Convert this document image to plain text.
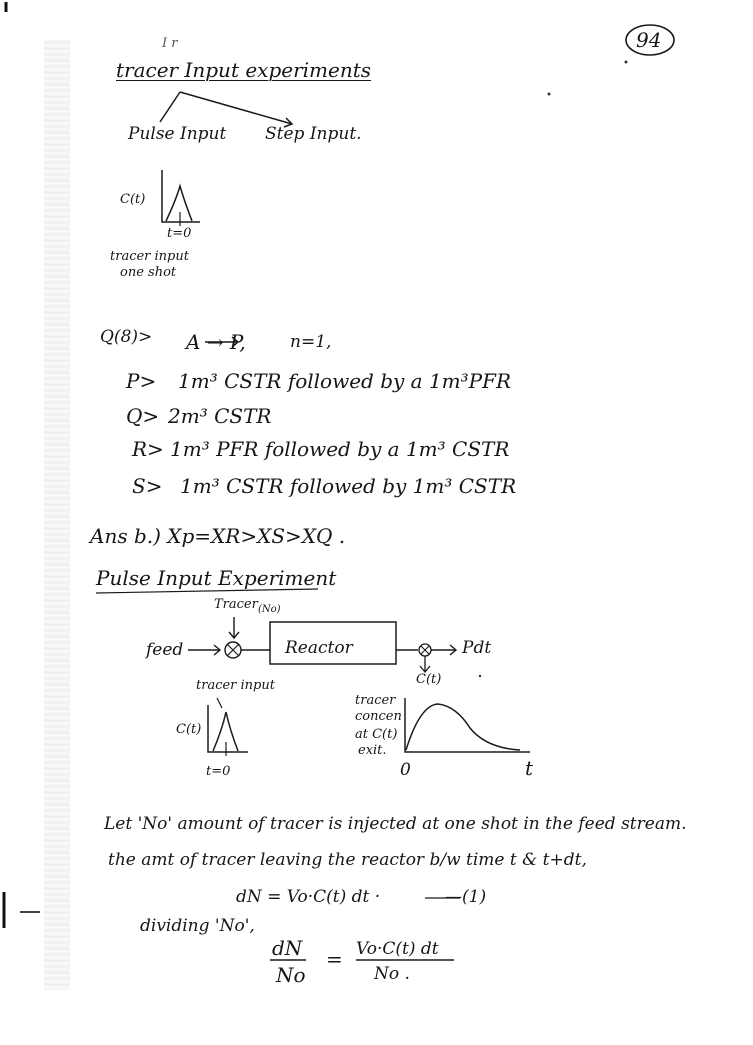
94
I r
tracer Input experiments
Pulse Input Step Input.
C(t)
t=0
tracer input
one shot
Q(8)> A → P,	n=1,
P> 1m³ CSTR followed by a 1m³PFR
Q> 2m³ CSTR
R> 1m³ PFR followed by a 1m³ CSTR
S> 1m³ CSTR followed by 1m³ CSTR
Ans b.) Xp=XR>XS>XQ .
Pulse Input Experiment
Tracer (No)
feed	Reactor	Pdt
C(t)
tracer input
C(t)
t=0
tracer
concen
at C(t)
exit.
0	t
Let 'No' amount of tracer is injected at one shot in the feed stream.
the amt of tracer leaving the reactor b/w time t & t+dt,
dN = Vo·C(t) dt ·	—(1)
dividing 'No',
dN
No
= Vo·C(t) dt
No .
